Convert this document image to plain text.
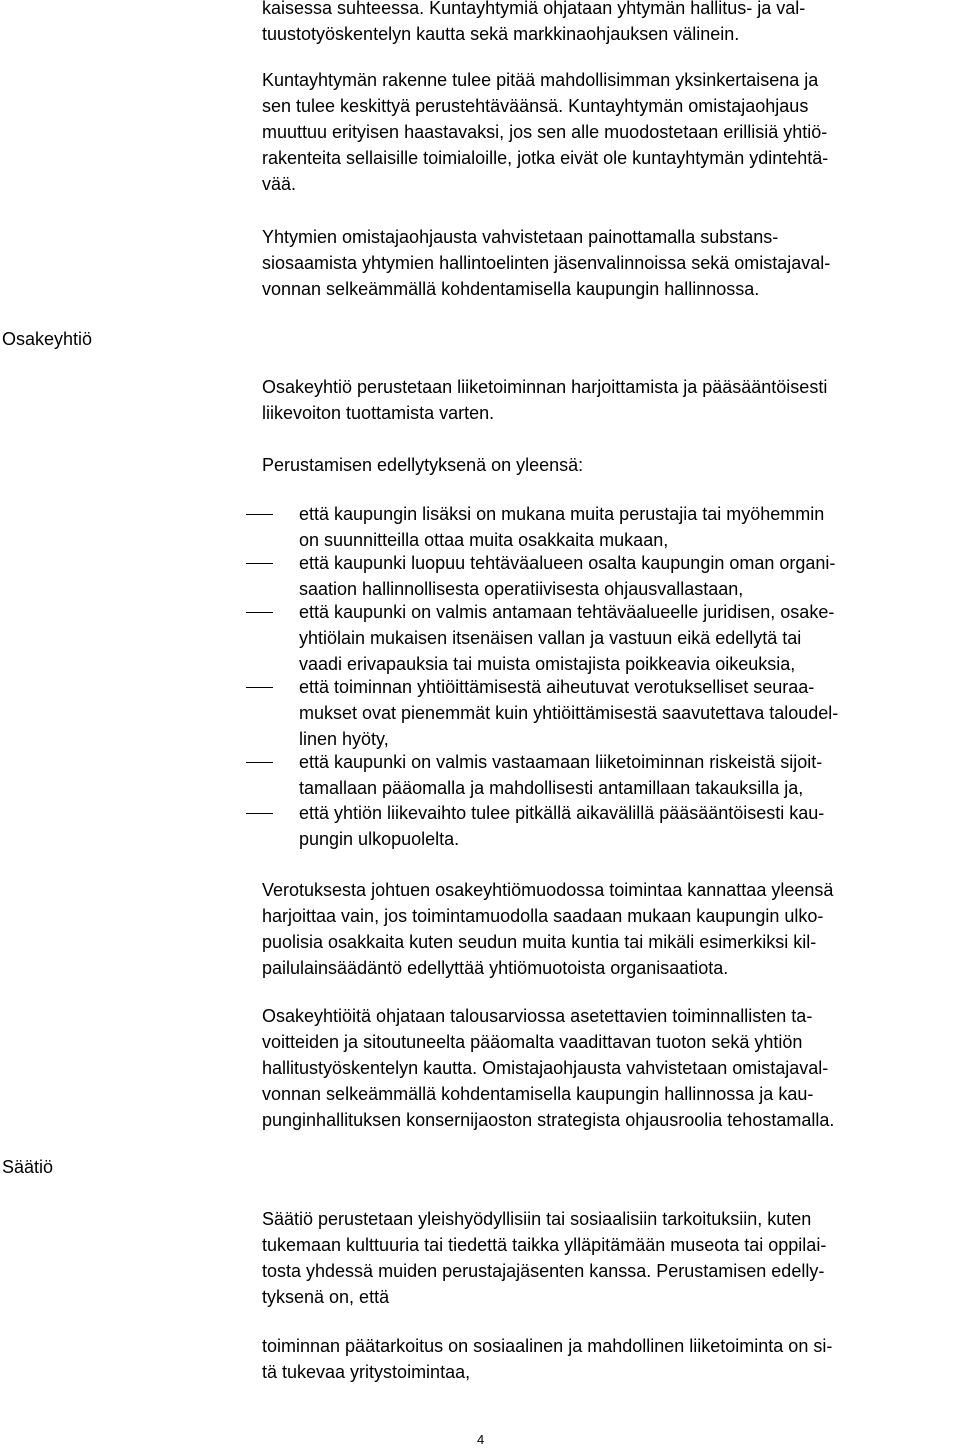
kaisessa suhteessa. Kuntayhtymiä ohjataan yhtymän hallitus- ja val-
tuustotyöskentelyn kautta sekä markkinaohjauksen välinein.
Kuntayhtymän rakenne tulee pitää mahdollisimman yksinkertaisena ja
sen tulee keskittyä perustehtäväänsä. Kuntayhtymän omistajaohjaus
muuttuu erityisen haastavaksi, jos sen alle muodostetaan erillisiä yhtiö-
rakenteita sellaisille toimialoille, jotka eivät ole kuntayhtymän ydintehtä-
vää.
Yhtymien omistajaohjausta vahvistetaan painottamalla substans-
siosaamista yhtymien hallintoelinten jäsenvalinnoissa sekä omistajaval-
vonnan selkeämmällä kohdentamisella kaupungin hallinnossa.
Osakeyhtiö
Osakeyhtiö perustetaan liiketoiminnan harjoittamista ja pääsääntöisesti
liikevoiton tuottamista varten.
Perustamisen edellytyksenä on yleensä:
että kaupungin lisäksi on mukana muita perustajia tai myöhemmin
on suunnitteilla ottaa muita osakkaita mukaan,
että kaupunki luopuu tehtäväalueen osalta kaupungin oman organi-
saation hallinnollisesta operatiivisesta ohjausvallastaan,
että kaupunki on valmis antamaan tehtäväalueelle juridisen, osake-
yhtiölain mukaisen itsenäisen vallan ja vastuun eikä edellytä tai
vaadi erivapauksia tai muista omistajista poikkeavia oikeuksia,
että toiminnan yhtiöittämisestä aiheutuvat verotukselliset seuraa-
mukset ovat pienemmät kuin yhtiöittämisestä saavutettava taloudel-
linen hyöty,
että kaupunki on valmis vastaamaan liiketoiminnan riskeistä sijoit-
tamallaan pääomalla ja mahdollisesti antamillaan takauksilla ja,
että yhtiön liikevaihto tulee pitkällä aikavälillä pääsääntöisesti kau-
pungin ulkopuolelta.
Verotuksesta johtuen osakeyhtiömuodossa toimintaa kannattaa yleensä
harjoittaa vain, jos toimintamuodolla saadaan mukaan kaupungin ulko-
puolisia osakkaita kuten seudun muita kuntia tai mikäli esimerkiksi kil-
pailulainsäädäntö edellyttää yhtiömuotoista organisaatiota.
Osakeyhtiöitä ohjataan talousarviossa asetettavien toiminnallisten ta-
voitteiden ja sitoutuneelta pääomalta vaadittavan tuoton sekä yhtiön
hallitustyöskentelyn kautta. Omistajaohjausta vahvistetaan omistajaval-
vonnan selkeämmällä kohdentamisella kaupungin hallinnossa ja kau-
punginhallituksen konsernijaoston strategista ohjausroolia tehostamalla.
Säätiö
Säätiö perustetaan yleishyödyllisiin tai sosiaalisiin tarkoituksiin, kuten
tukemaan kulttuuria tai tiedettä taikka ylläpitämään museota tai oppilai-
tosta yhdessä muiden perustajajäsenten kanssa. Perustamisen edelly-
tyksenä on, että
toiminnan päätarkoitus on sosiaalinen ja mahdollinen liiketoiminta on si-
tä tukevaa yritystoimintaa,
4
